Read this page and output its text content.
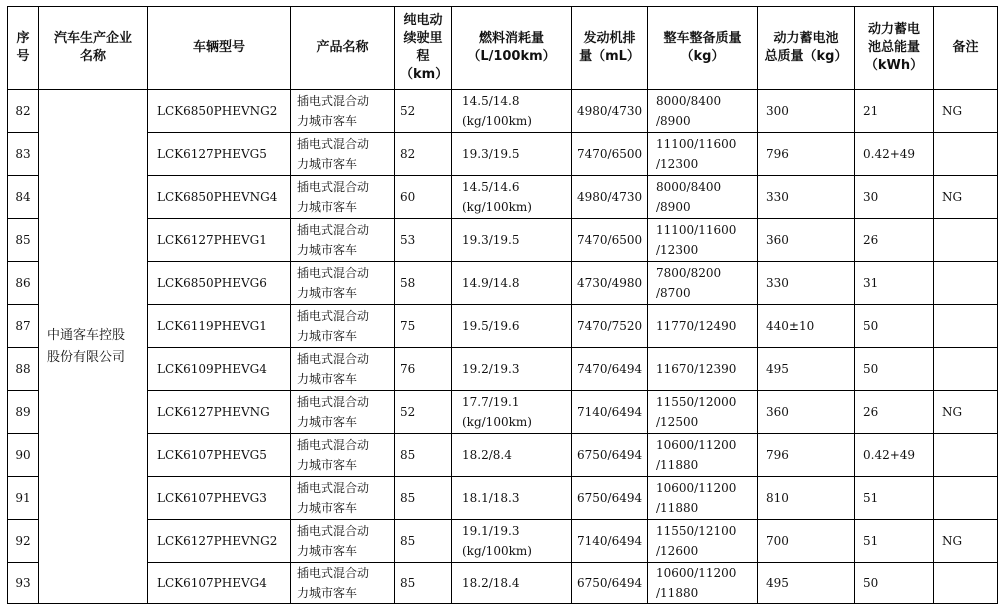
序
号	汽车生产企业
名称	车辆型号	产品名称	纯电动
续驶里
程（km）	燃料消耗量
（L/100km）	发动机排
量（mL）	整车整备质量
（kg）	动力蓄电池
总质量（kg）	动力蓄电
池总能量
（kWh）	备注

82	中通客车控股
股份有限公司	LCK6850PHEVNG2	插电式混合动
力城市客车	52	14.5/14.8
(kg/100km)	4980/4730	8000/8400
/8900	300	21	NG

83		LCK6127PHEVG5	插电式混合动
力城市客车	82	19.3/19.5	7470/6500	11100/11600
/12300	796	0.42+49	

84		LCK6850PHEVNG4	插电式混合动
力城市客车	60	14.5/14.6
(kg/100km)	4980/4730	8000/8400
/8900	330	30	NG

85		LCK6127PHEVG1	插电式混合动
力城市客车	53	19.3/19.5	7470/6500	11100/11600
/12300	360	26	

86		LCK6850PHEVG6	插电式混合动
力城市客车	58	14.9/14.8	4730/4980	7800/8200
/8700	330	31	

87		LCK6119PHEVG1	插电式混合动
力城市客车	75	19.5/19.6	7470/7520	11770/12490	440±10	50	

88		LCK6109PHEVG4	插电式混合动
力城市客车	76	19.2/19.3	7470/6494	11670/12390	495	50	

89		LCK6127PHEVNG	插电式混合动
力城市客车	52	17.7/19.1
(kg/100km)	7140/6494	11550/12000
/12500	360	26	NG

90		LCK6107PHEVG5	插电式混合动
力城市客车	85	18.2/8.4	6750/6494	10600/11200
/11880	796	0.42+49	

91		LCK6107PHEVG3	插电式混合动
力城市客车	85	18.1/18.3	6750/6494	10600/11200
/11880	810	51	

92		LCK6127PHEVNG2	插电式混合动
力城市客车	85	19.1/19.3
(kg/100km)	7140/6494	11550/12100
/12600	700	51	NG

93		LCK6107PHEVG4	插电式混合动
力城市客车	85	18.2/18.4	6750/6494	10600/11200
/11880	495	50	
